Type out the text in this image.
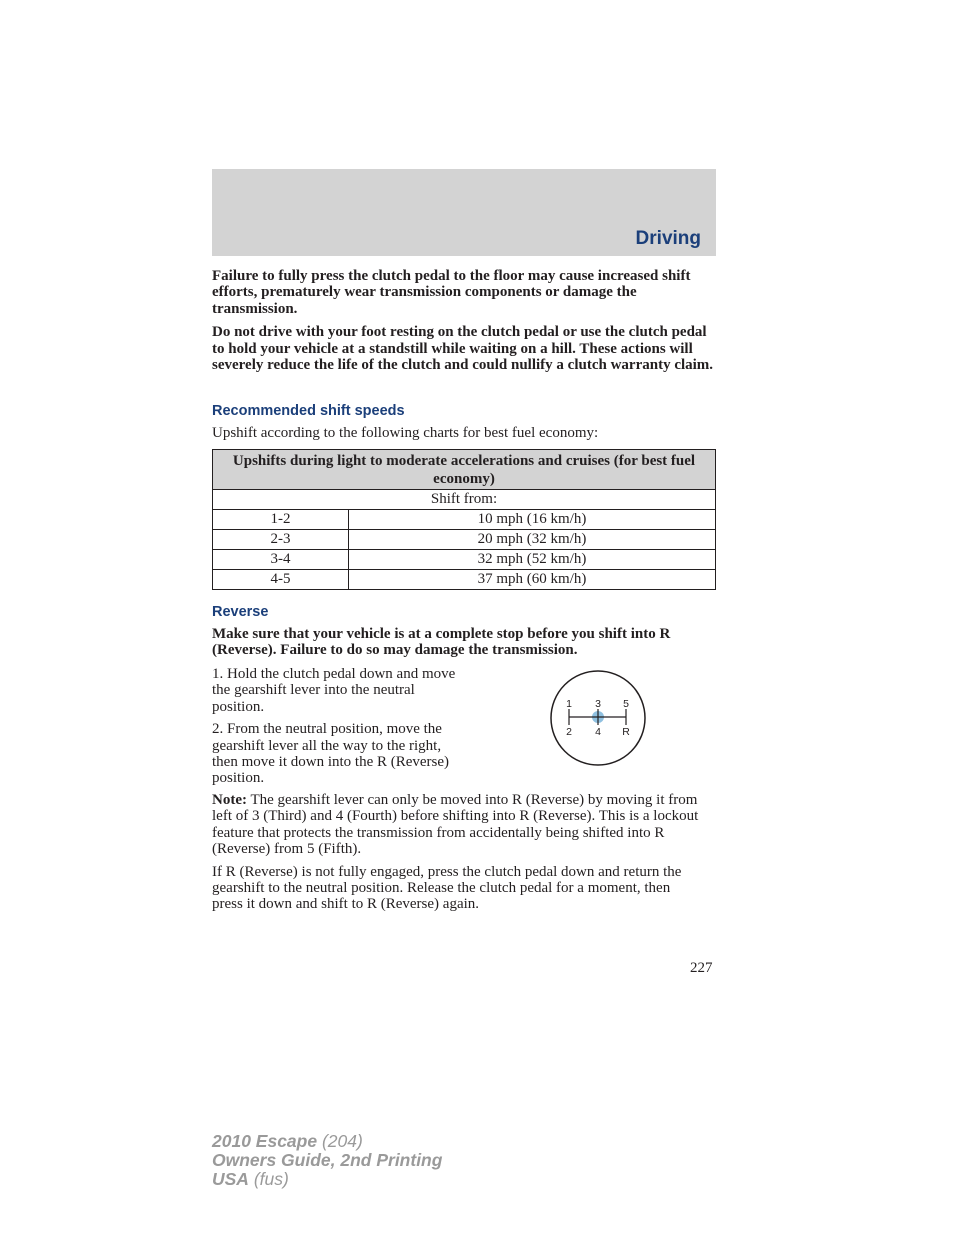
Driving

Failure to fully press the clutch pedal to the floor may cause increased shift efforts, prematurely wear transmission components or damage the transmission.

Do not drive with your foot resting on the clutch pedal or use the clutch pedal to hold your vehicle at a standstill while waiting on a hill. These actions will severely reduce the life of the clutch and could nullify a clutch warranty claim.

Recommended shift speeds

Upshift according to the following charts for best fuel economy:

Upshifts during light to moderate accelerations and cruises (for best fuel economy)	
Shift from:	
1-2	10 mph (16 km/h)
2-3	20 mph (32 km/h)
3-4	32 mph (52 km/h)
4-5	37 mph (60 km/h)

Reverse

Make sure that your vehicle is at a complete stop before you shift into R (Reverse). Failure to do so may damage the transmission.

1. Hold the clutch pedal down and move the gearshift lever into the neutral position.

2. From the neutral position, move the gearshift lever all the way to the right, then move it down into the R (Reverse) position.

1 3 5
2 4 R

Note: The gearshift lever can only be moved into R (Reverse) by moving it from left of 3 (Third) and 4 (Fourth) before shifting into R (Reverse). This is a lockout feature that protects the transmission from accidentally being shifted into R (Reverse) from 5 (Fifth).

If R (Reverse) is not fully engaged, press the clutch pedal down and return the gearshift to the neutral position. Release the clutch pedal for a moment, then press it down and shift to R (Reverse) again.

227
2010 Escape (204)
Owners Guide, 2nd Printing
USA (fus)
